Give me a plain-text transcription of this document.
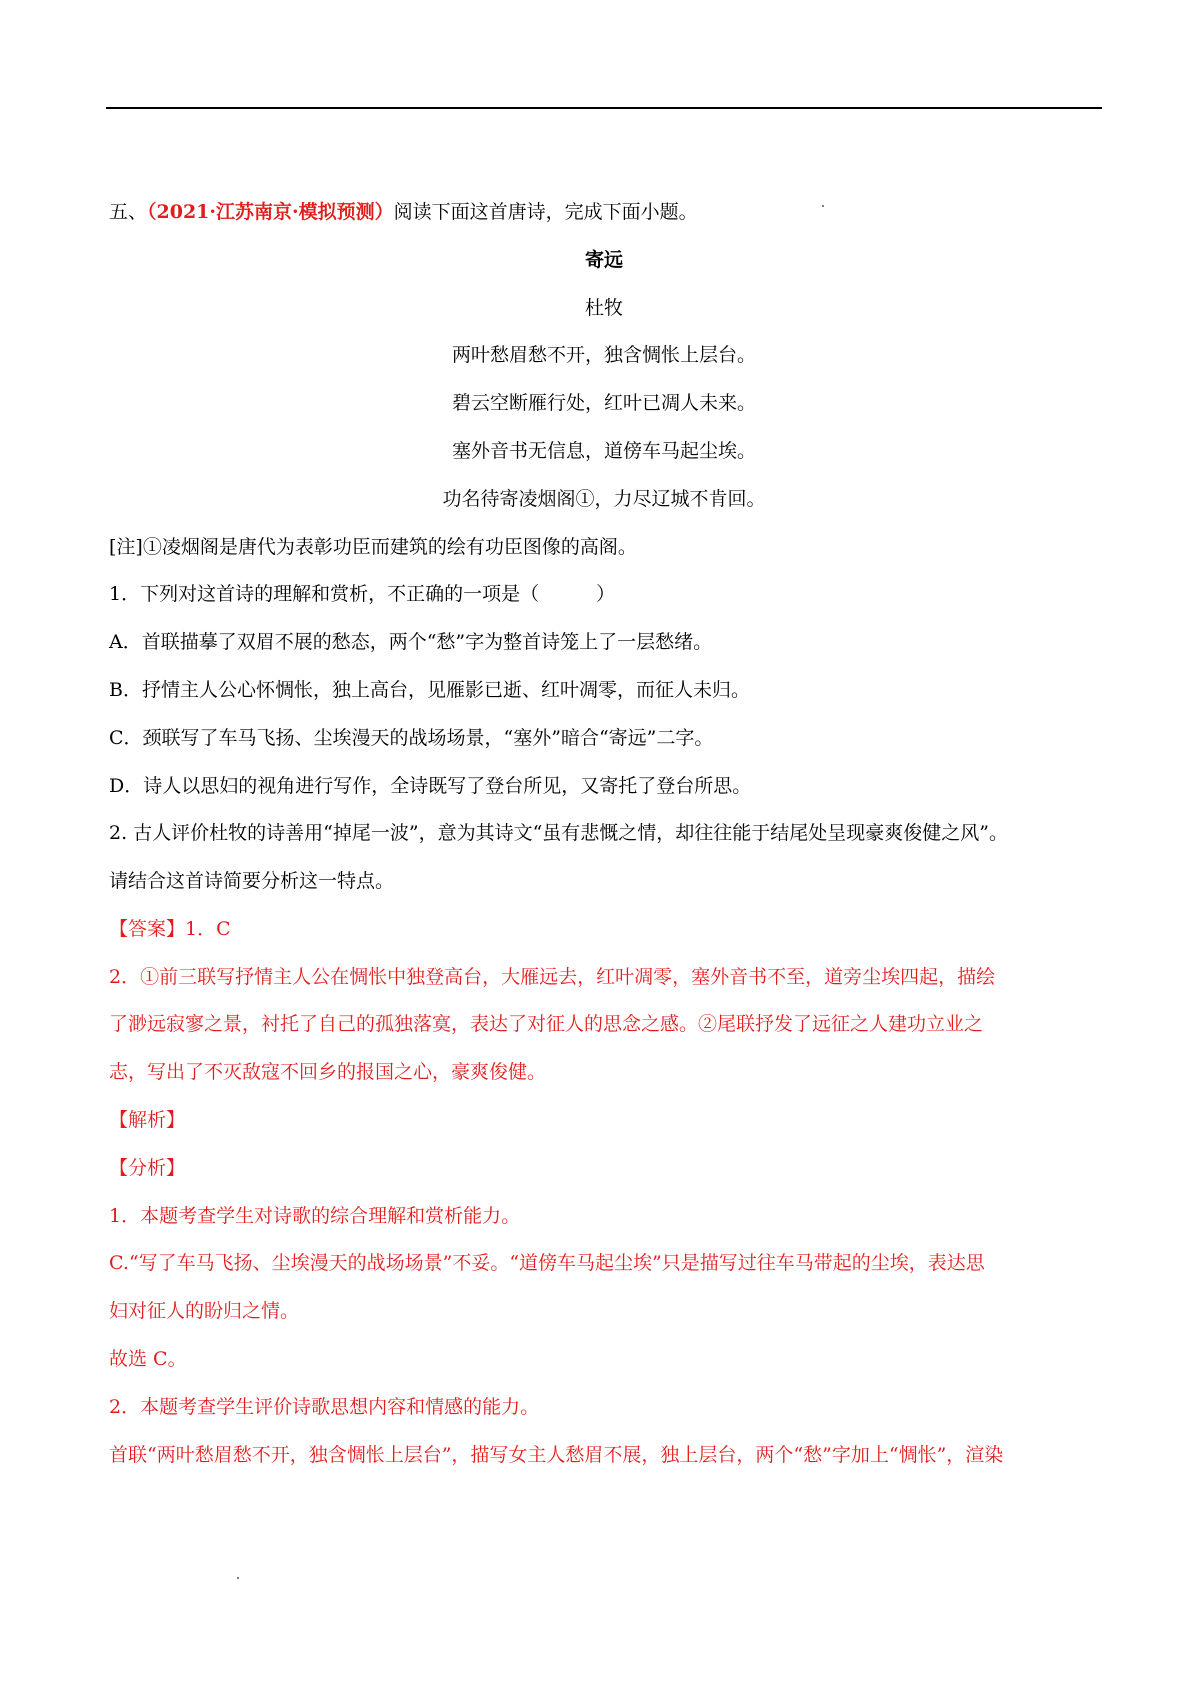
五、（2021·江苏南京·模拟预测）阅读下面这首唐诗，完成下面小题。

寄远

杜牧

两叶愁眉愁不开，独含惆怅上层台。

碧云空断雁行处，红叶已凋人未来。

塞外音书无信息，道傍车马起尘埃。

功名待寄凌烟阁①，力尽辽城不肯回。

[注]①凌烟阁是唐代为表彰功臣而建筑的绘有功臣图像的高阁。

1．下列对这首诗的理解和赏析，不正确的一项是（　　　）

A．首联描摹了双眉不展的愁态，两个“愁”字为整首诗笼上了一层愁绪。

B．抒情主人公心怀惆怅，独上高台，见雁影已逝、红叶凋零，而征人未归。

C．颈联写了车马飞扬、尘埃漫天的战场场景，“塞外”暗合“寄远”二字。

D．诗人以思妇的视角进行写作，全诗既写了登台所见，又寄托了登台所思。

2. 古人评价杜牧的诗善用“掉尾一波”，意为其诗文“虽有悲慨之情，却往往能于结尾处呈现豪爽俊健之风”。

请结合这首诗简要分析这一特点。

【答案】1．C

2．①前三联写抒情主人公在惆怅中独登高台，大雁远去，红叶凋零，塞外音书不至，道旁尘埃四起，描绘

了渺远寂寥之景，衬托了自己的孤独落寞，表达了对征人的思念之感。②尾联抒发了远征之人建功立业之

志，写出了不灭敌寇不回乡的报国之心，豪爽俊健。

【解析】

【分析】

1．本题考查学生对诗歌的综合理解和赏析能力。

C.“写了车马飞扬、尘埃漫天的战场场景”不妥。“道傍车马起尘埃”只是描写过往车马带起的尘埃，表达思

妇对征人的盼归之情。

故选 C。

2．本题考查学生评价诗歌思想内容和情感的能力。

首联“两叶愁眉愁不开，独含惆怅上层台”，描写女主人愁眉不展，独上层台，两个“愁”字加上“惆怅”，渲染
